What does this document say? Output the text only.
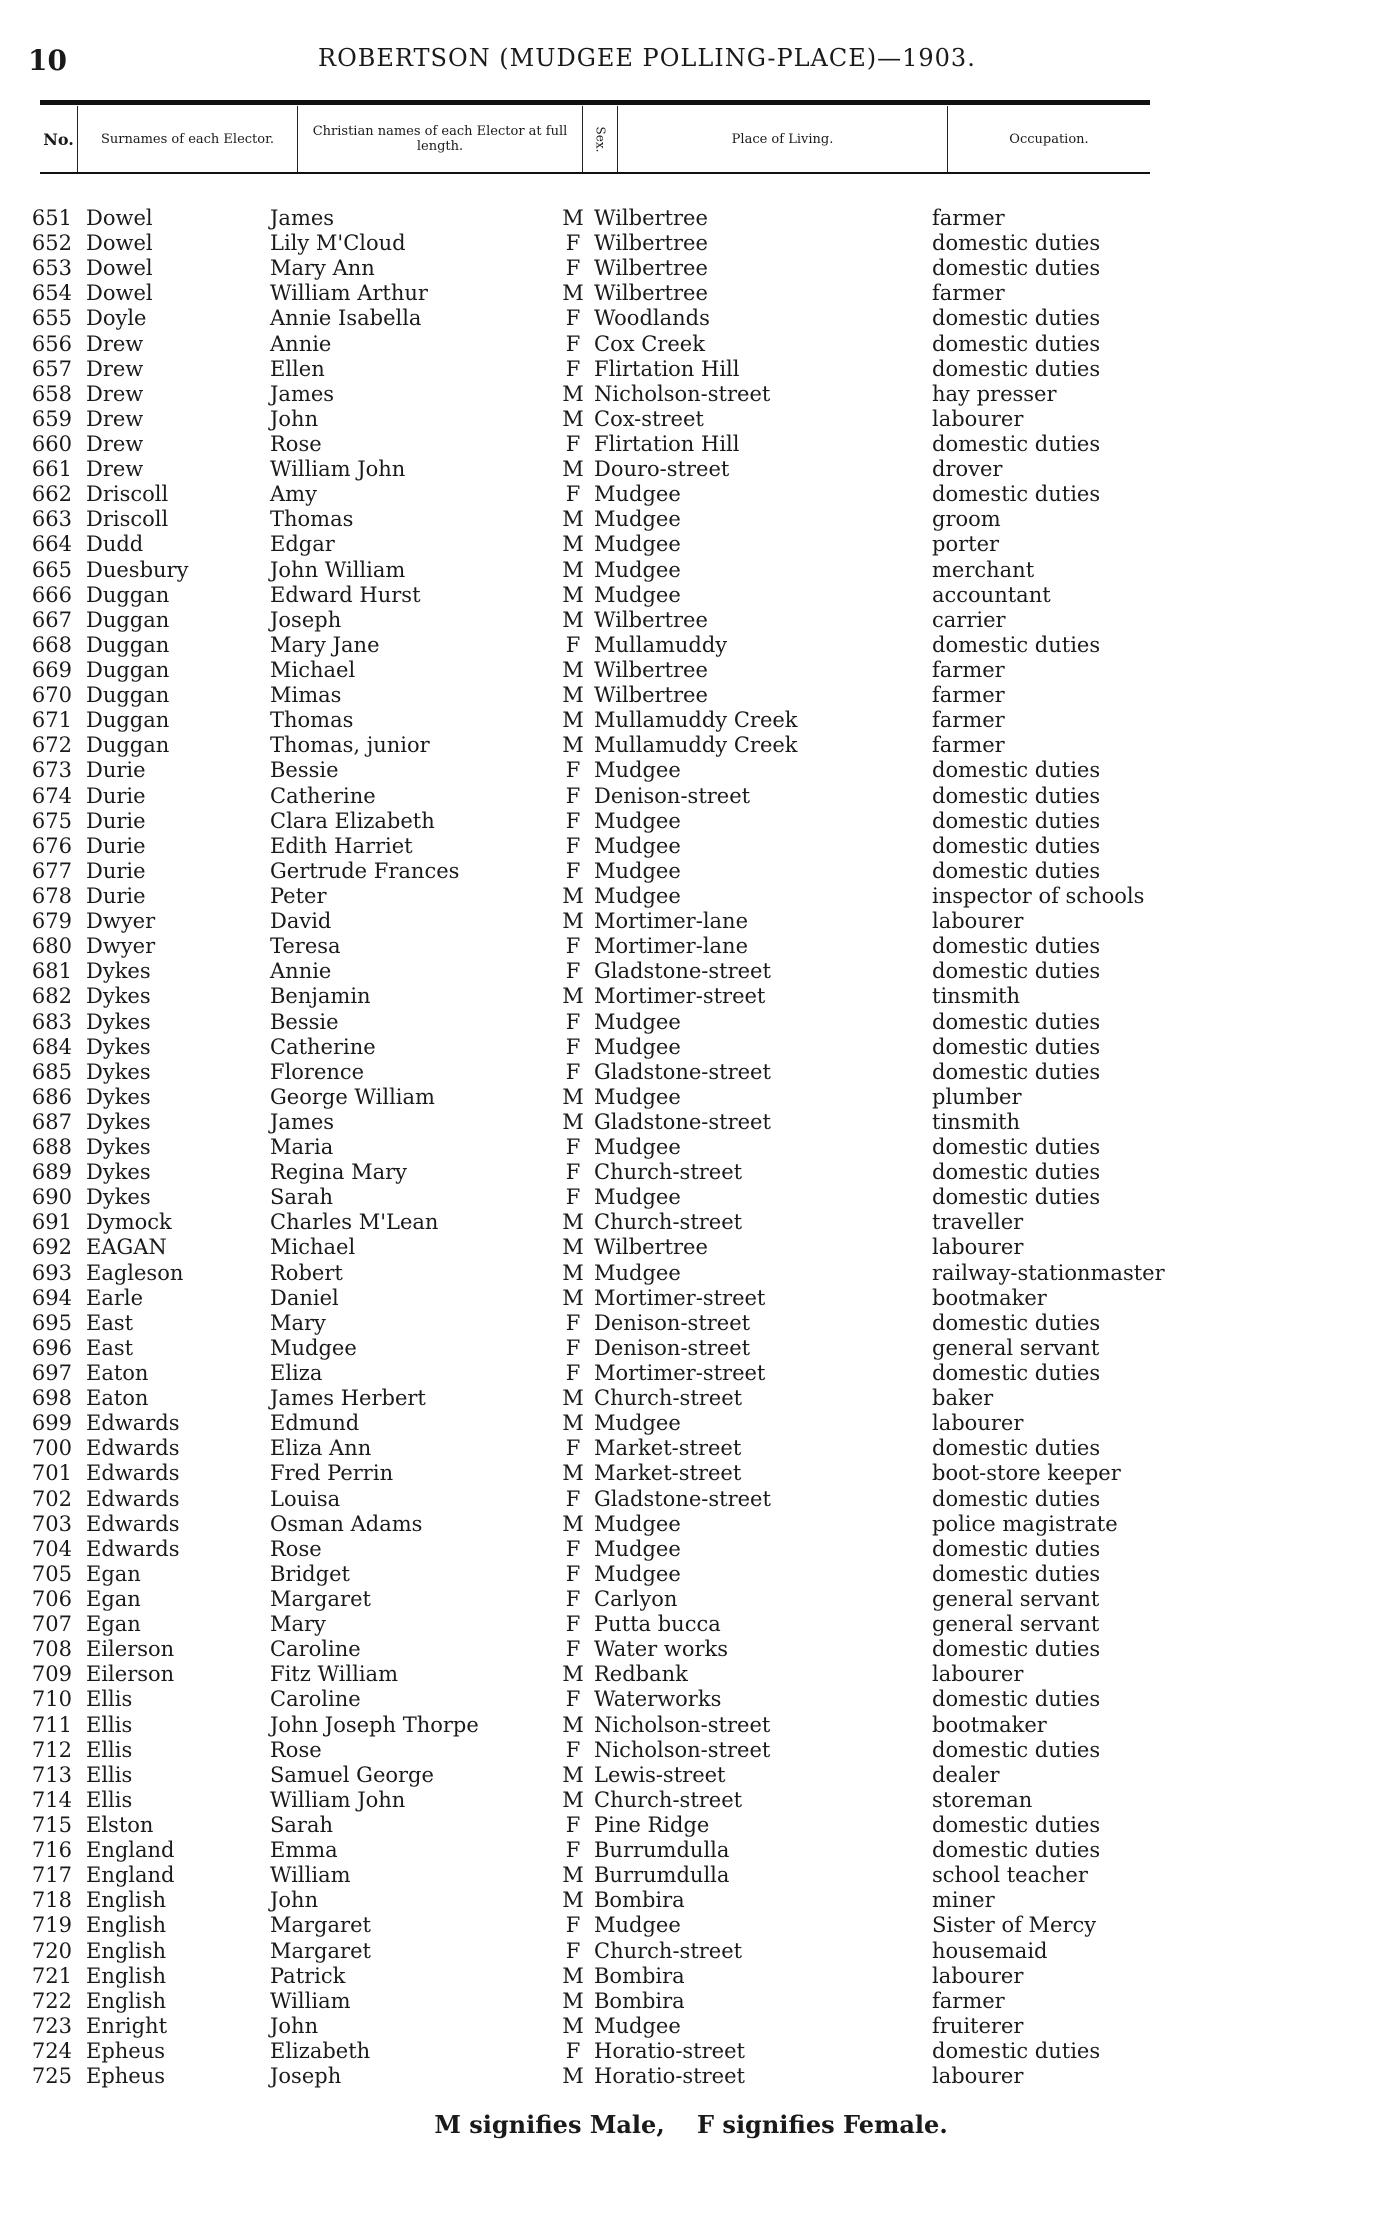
10	ROBERTSON (MUDGEE POLLING-PLACE)—1903.
No.	Surnames of each Elector.	Christian names of each Elector at full length.	Sex.	Place of Living.	Occupation.
651 Dowel	James	M Wilbertree	farmer
652 Dowel	Lily M'Cloud	F Wilbertree	domestic duties
653 Dowel	Mary Ann	F Wilbertree	domestic duties
654 Dowel	William Arthur	M Wilbertree	farmer
655 Doyle	Annie Isabella	F Woodlands	domestic duties
656 Drew	Annie	F Cox Creek	domestic duties
657 Drew	Ellen	F Flirtation Hill	domestic duties
658 Drew	James	M Nicholson-street	hay presser
659 Drew	John	M Cox-street	labourer
660 Drew	Rose	F Flirtation Hill	domestic duties
661 Drew	William John	M Douro-street	drover
662 Driscoll	Amy	F Mudgee	domestic duties
663 Driscoll	Thomas	M Mudgee	groom
664 Dudd	Edgar	M Mudgee	porter
665 Duesbury	John William	M Mudgee	merchant
666 Duggan	Edward Hurst	M Mudgee	accountant
667 Duggan	Joseph	M Wilbertree	carrier
668 Duggan	Mary Jane	F Mullamuddy	domestic duties
669 Duggan	Michael	M Wilbertree	farmer
670 Duggan	Mimas	M Wilbertree	farmer
671 Duggan	Thomas	M Mullamuddy Creek	farmer
672 Duggan	Thomas, junior	M Mullamuddy Creek	farmer
673 Durie	Bessie	F Mudgee	domestic duties
674 Durie	Catherine	F Denison-street	domestic duties
675 Durie	Clara Elizabeth	F Mudgee	domestic duties
676 Durie	Edith Harriet	F Mudgee	domestic duties
677 Durie	Gertrude Frances	F Mudgee	domestic duties
678 Durie	Peter	M Mudgee	inspector of schools
679 Dwyer	David	M Mortimer-lane	labourer
680 Dwyer	Teresa	F Mortimer-lane	domestic duties
681 Dykes	Annie	F Gladstone-street	domestic duties
682 Dykes	Benjamin	M Mortimer-street	tinsmith
683 Dykes	Bessie	F Mudgee	domestic duties
684 Dykes	Catherine	F Mudgee	domestic duties
685 Dykes	Florence	F Gladstone-street	domestic duties
686 Dykes	George William	M Mudgee	plumber
687 Dykes	James	M Gladstone-street	tinsmith
688 Dykes	Maria	F Mudgee	domestic duties
689 Dykes	Regina Mary	F Church-street	domestic duties
690 Dykes	Sarah	F Mudgee	domestic duties
691 Dymock	Charles M'Lean	M Church-street	traveller
692 EAGAN	Michael	M Wilbertree	labourer
693 Eagleson	Robert	M Mudgee	railway-stationmaster
694 Earle	Daniel	M Mortimer-street	bootmaker
695 East	Mary	F Denison-street	domestic duties
696 East	Mudgee	F Denison-street	general servant
697 Eaton	Eliza	F Mortimer-street	domestic duties
698 Eaton	James Herbert	M Church-street	baker
699 Edwards	Edmund	M Mudgee	labourer
700 Edwards	Eliza Ann	F Market-street	domestic duties
701 Edwards	Fred Perrin	M Market-street	boot-store keeper
702 Edwards	Louisa	F Gladstone-street	domestic duties
703 Edwards	Osman Adams	M Mudgee	police magistrate
704 Edwards	Rose	F Mudgee	domestic duties
705 Egan	Bridget	F Mudgee	domestic duties
706 Egan	Margaret	F Carlyon	general servant
707 Egan	Mary	F Putta bucca	general servant
708 Eilerson	Caroline	F Water works	domestic duties
709 Eilerson	Fitz William	M Redbank	labourer
710 Ellis	Caroline	F Waterworks	domestic duties
711 Ellis	John Joseph Thorpe	M Nicholson-street	bootmaker
712 Ellis	Rose	F Nicholson-street	domestic duties
713 Ellis	Samuel George	M Lewis-street	dealer
714 Ellis	William John	M Church-street	storeman
715 Elston	Sarah	F Pine Ridge	domestic duties
716 England	Emma	F Burrumdulla	domestic duties
717 England	William	M Burrumdulla	school teacher
718 English	John	M Bombira	miner
719 English	Margaret	F Mudgee	Sister of Mercy
720 English	Margaret	F Church-street	housemaid
721 English	Patrick	M Bombira	labourer
722 English	William	M Bombira	farmer
723 Enright	John	M Mudgee	fruiterer
724 Epheus	Elizabeth	F Horatio-street	domestic duties
725 Epheus	Joseph	M Horatio-street	labourer
M signifies Male, F signifies Female.
